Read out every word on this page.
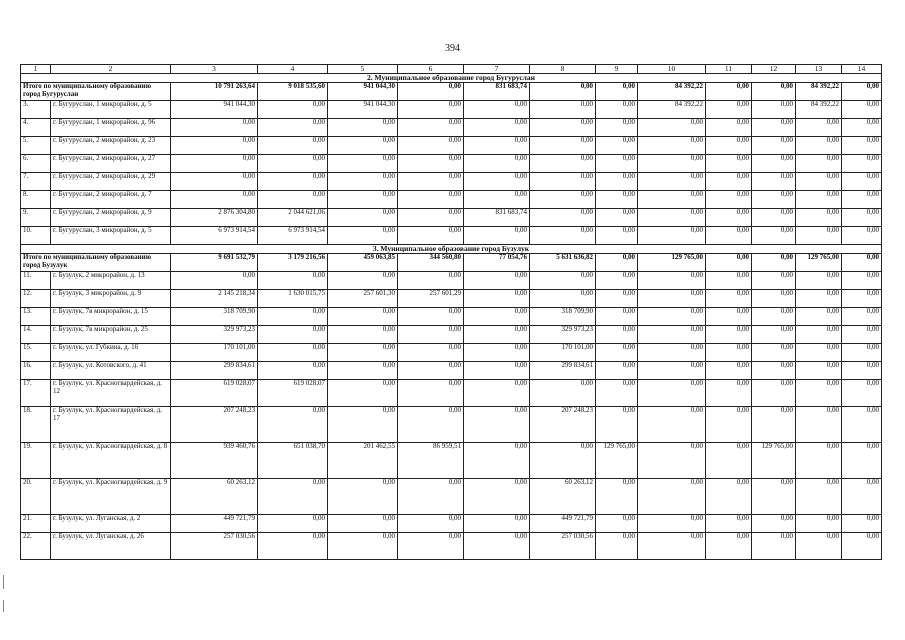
394
1	2	3	4	5	6	7	8	9	10	11	12	13	14
2. Муниципальное образование город Бугуруслан													
Итого по муниципальному образованию город Бугуруслан		10 791 263,64	9 018 535,60	941 044,30	0,00	831 683,74	0,00	0,00	84 392,22	0,00	0,00	84 392,22	0,00
3.	г. Бугуруслан, 1 микрорайон, д. 5	941 044,30	0,00	941 044,30	0,00	0,00	0,00	0,00	84 392,22	0,00	0,00	84 392,22	0,00
4.	г. Бугуруслан, 1 микрорайон, д. 96	0,00	0,00	0,00	0,00	0,00	0,00	0,00	0,00	0,00	0,00	0,00	0,00
5.	г. Бугуруслан, 2 микрорайон, д. 23	0,00	0,00	0,00	0,00	0,00	0,00	0,00	0,00	0,00	0,00	0,00	0,00
6.	г. Бугуруслан, 2 микрорайон, д. 27	0,00	0,00	0,00	0,00	0,00	0,00	0,00	0,00	0,00	0,00	0,00	0,00
7.	г. Бугуруслан, 2 микрорайон, д. 29	0,00	0,00	0,00	0,00	0,00	0,00	0,00	0,00	0,00	0,00	0,00	0,00
8.	г. Бугуруслан, 2 микрорайон, д. 7	0,00	0,00	0,00	0,00	0,00	0,00	0,00	0,00	0,00	0,00	0,00	0,00
9.	г. Бугуруслан, 2 микрорайон, д. 9	2 876 304,80	2 044 621,06	0,00	0,00	831 683,74	0,00	0,00	0,00	0,00	0,00	0,00	0,00
10.	г. Бугуруслан, 3 микрорайон, д. 5	6 973 914,54	6 973 914,54	0,00	0,00	0,00	0,00	0,00	0,00	0,00	0,00	0,00	0,00
3. Муниципальное образование город Бузулук													
Итого по муниципальному образованию город Бузулук		9 691 532,79	3 179 216,56	459 063,85	344 560,80	77 054,76	5 631 636,82	0,00	129 765,00	0,00	0,00	129 765,00	0,00
11.	г. Бузулук, 2 микрорайон, д. 13	0,00	0,00	0,00	0,00	0,00	0,00	0,00	0,00	0,00	0,00	0,00	0,00
12.	г. Бузулук, 3 микрорайон, д. 9	2 145 218,34	1 630 015,75	257 601,30	257 601,29	0,00	0,00	0,00	0,00	0,00	0,00	0,00	0,00
13.	г. Бузулук, 7в микрорайон, д. 15	318 709,90	0,00	0,00	0,00	0,00	318 709,90	0,00	0,00	0,00	0,00	0,00	0,00
14.	г. Бузулук, 7в микрорайон, д. 25	329 973,23	0,00	0,00	0,00	0,00	329 973,23	0,00	0,00	0,00	0,00	0,00	0,00
15.	г. Бузулук, ул. Губкина, д. 16	170 101,00	0,00	0,00	0,00	0,00	170 101,00	0,00	0,00	0,00	0,00	0,00	0,00
16.	г. Бузулук, ул. Котовского, д. 41	299 834,61	0,00	0,00	0,00	0,00	299 834,61	0,00	0,00	0,00	0,00	0,00	0,00
17.	г. Бузулук, ул. Красногвардейская, д. 12	619 028,07	619 028,07	0,00	0,00	0,00	0,00	0,00	0,00	0,00	0,00	0,00	0,00
18.	г. Бузулук, ул. Красногвардейская, д. 17	207 248,23	0,00	0,00	0,00	0,00	207 248,23	0,00	0,00	0,00	0,00	0,00	0,00
19.	г. Бузулук, ул. Красногвардейская, д. 8	939 460,76	651 038,70	201 462,55	86 959,51	0,00	0,00	129 765,00	0,00	0,00	129 765,00	0,00	0,00
20.	г. Бузулук, ул. Красногвардейская, д. 9	60 263,12	0,00	0,00	0,00	0,00	60 263,12	0,00	0,00	0,00	0,00	0,00	0,00
21.	г. Бузулук, ул. Луганская, д. 2	449 721,79	0,00	0,00	0,00	0,00	449 721,79	0,00	0,00	0,00	0,00	0,00	0,00
22.	г. Бузулук, ул. Луганская, д. 26	257 030,56	0,00	0,00	0,00	0,00	257 030,56	0,00	0,00	0,00	0,00	0,00	0,00
